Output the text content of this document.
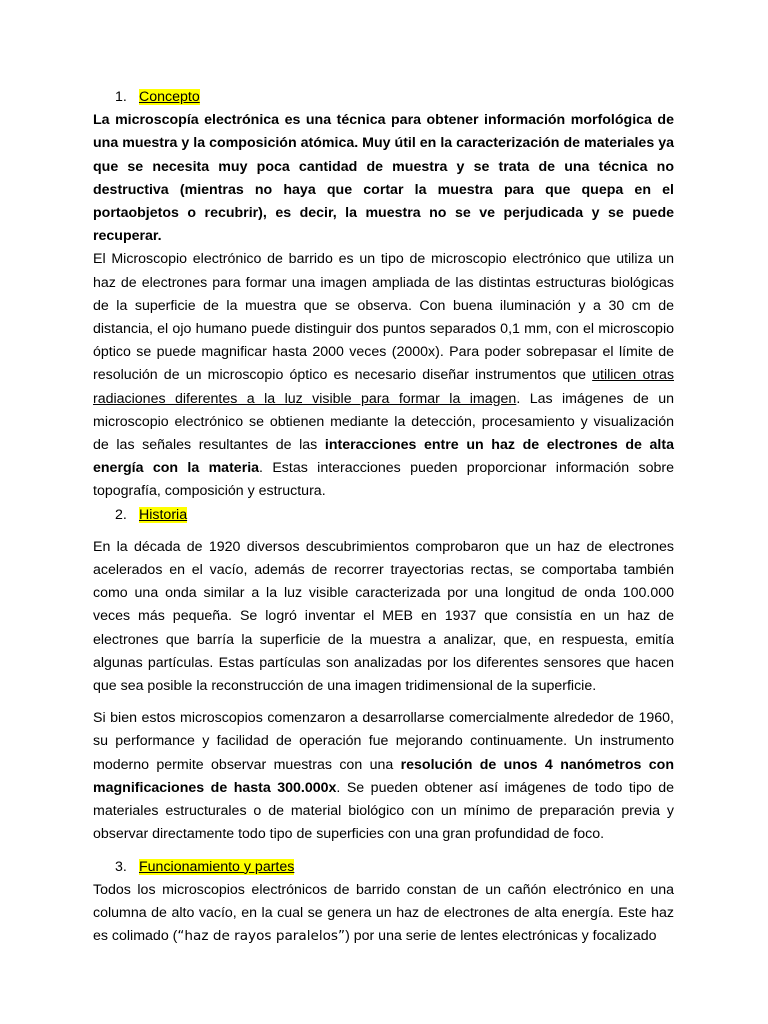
1. Concepto

La microscopía electrónica es una técnica para obtener información morfológica de una muestra y la composición atómica. Muy útil en la caracterización de materiales ya que se necesita muy poca cantidad de muestra y se trata de una técnica no destructiva (mientras no haya que cortar la muestra para que quepa en el portaobjetos o recubrir), es decir, la muestra no se ve perjudicada y se puede recuperar.

El Microscopio electrónico de barrido es un tipo de microscopio electrónico que utiliza un haz de electrones para formar una imagen ampliada de las distintas estructuras biológicas de la superficie de la muestra que se observa. Con buena iluminación y a 30 cm de distancia, el ojo humano puede distinguir dos puntos separados 0,1 mm, con el microscopio óptico se puede magnificar hasta 2000 veces (2000x). Para poder sobrepasar el límite de resolución de un microscopio óptico es necesario diseñar instrumentos que utilicen otras radiaciones diferentes a la luz visible para formar la imagen. Las imágenes de un microscopio electrónico se obtienen mediante la detección, procesamiento y visualización de las señales resultantes de las interacciones entre un haz de electrones de alta energía con la materia. Estas interacciones pueden proporcionar información sobre topografía, composición y estructura.

2. Historia

En la década de 1920 diversos descubrimientos comprobaron que un haz de electrones acelerados en el vacío, además de recorrer trayectorias rectas, se comportaba también como una onda similar a la luz visible caracterizada por una longitud de onda 100.000 veces más pequeña. Se logró inventar el MEB en 1937 que consistía en un haz de electrones que barría la superficie de la muestra a analizar, que, en respuesta, emitía algunas partículas. Estas partículas son analizadas por los diferentes sensores que hacen que sea posible la reconstrucción de una imagen tridimensional de la superficie.

Si bien estos microscopios comenzaron a desarrollarse comercialmente alrededor de 1960, su performance y facilidad de operación fue mejorando continuamente. Un instrumento moderno permite observar muestras con una resolución de unos 4 nanómetros con magnificaciones de hasta 300.000x. Se pueden obtener así imágenes de todo tipo de materiales estructurales o de material biológico con un mínimo de preparación previa y observar directamente todo tipo de superficies con una gran profundidad de foco.

3. Funcionamiento y partes

Todos los microscopios electrónicos de barrido constan de un cañón electrónico en una columna de alto vacío, en la cual se genera un haz de electrones de alta energía. Este haz es colimado (“haz de rayos paralelos”) por una serie de lentes electrónicas y focalizado
